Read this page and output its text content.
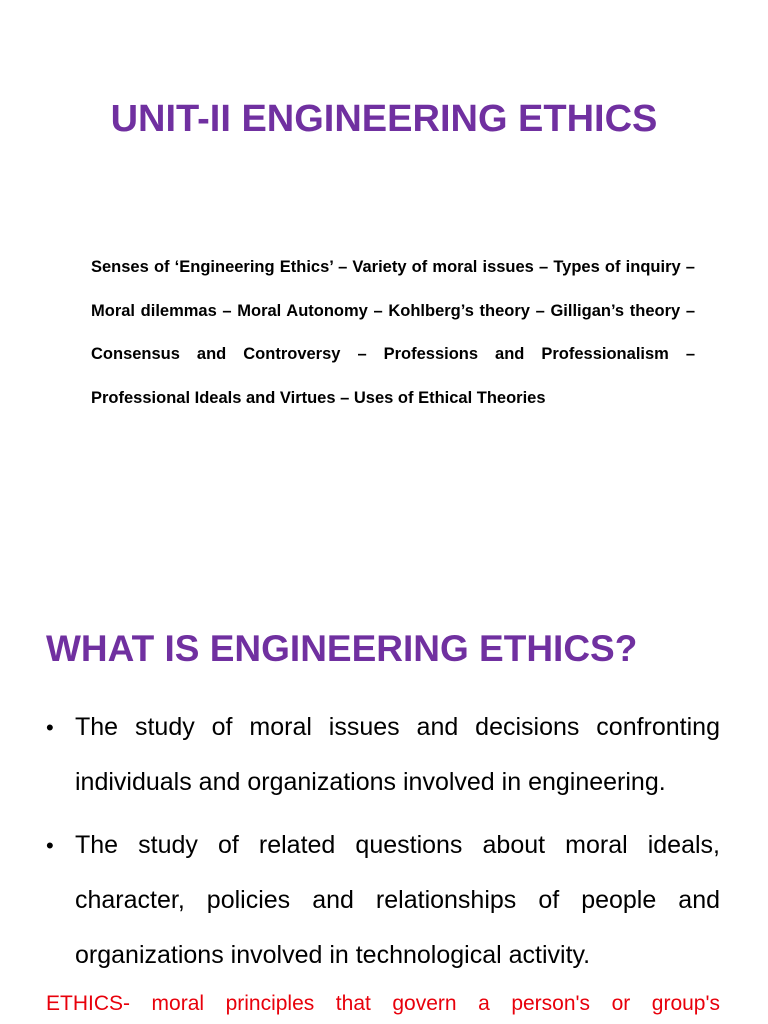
UNIT-II ENGINEERING ETHICS
Senses of ‘Engineering Ethics’ – Variety of moral issues – Types of inquiry – Moral dilemmas – Moral Autonomy – Kohlberg’s theory – Gilligan’s theory – Consensus and Controversy – Professions and Professionalism – Professional Ideals and Virtues – Uses of Ethical Theories
WHAT IS ENGINEERING ETHICS?
• The study of moral issues and decisions confronting individuals and organizations involved in engineering.
• The study of related questions about moral ideals, character, policies and relationships of people and organizations involved in technological activity.
ETHICS- moral principles that govern a person's or group's
